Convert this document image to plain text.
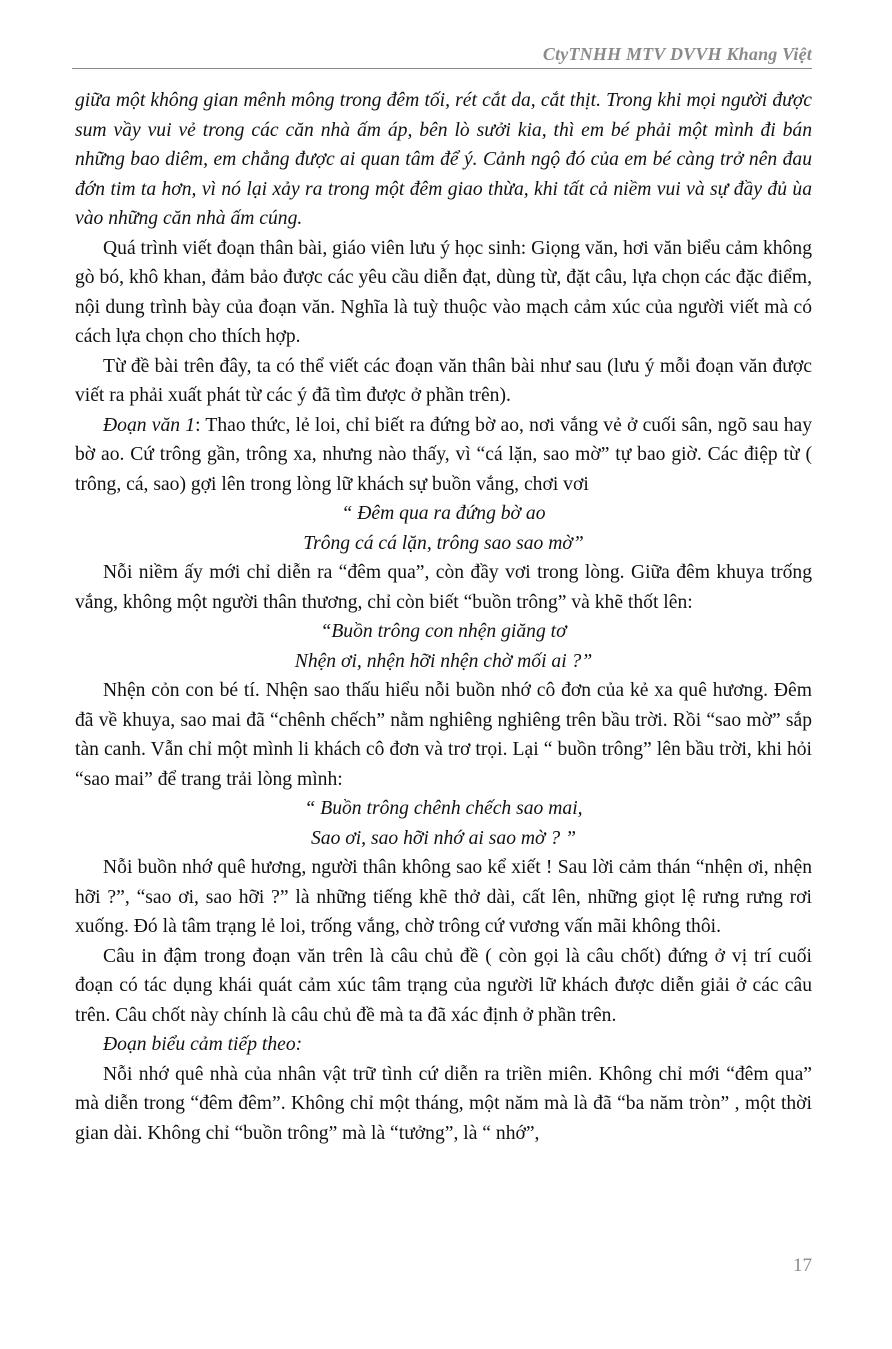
CtyTNHH MTV DVVH Khang Việt

giữa một không gian mênh mông trong đêm tối, rét cắt da, cắt thịt. Trong khi mọi người được sum vầy vui vẻ trong các căn nhà ấm áp, bên lò sưởi kia, thì em bé phải một mình đi bán những bao diêm, em chẳng được ai quan tâm để ý. Cảnh ngộ đó của em bé càng trở nên đau đớn tim ta hơn, vì nó lại xảy ra trong một đêm giao thừa, khi tất cả niềm vui và sự đầy đủ ùa vào những căn nhà ấm cúng.

Quá trình viết đoạn thân bài, giáo viên lưu ý học sinh: Giọng văn, hơi văn biểu cảm không gò bó, khô khan, đảm bảo được các yêu cầu diễn đạt, dùng từ, đặt câu, lựa chọn các đặc điểm, nội dung trình bày của đoạn văn. Nghĩa là tuỳ thuộc vào mạch cảm xúc của người viết mà có cách lựa chọn cho thích hợp.

Từ đề bài trên đây, ta có thể viết các đoạn văn thân bài như sau (lưu ý mỗi đoạn văn được viết ra phải xuất phát từ các ý đã tìm được ở phần trên).

Đoạn văn 1: Thao thức, lẻ loi, chỉ biết ra đứng bờ ao, nơi vắng vẻ ở cuối sân, ngõ sau hay bờ ao. Cứ trông gần, trông xa, nhưng nào thấy, vì “cá lặn, sao mờ” tự bao giờ. Các điệp từ ( trông, cá, sao) gợi lên trong lòng lữ khách sự buồn vắng, chơi vơi

“ Đêm qua ra đứng bờ ao

Trông cá cá lặn, trông sao sao mờ”

Nỗi niềm ấy mới chỉ diễn ra “đêm qua”, còn đầy vơi trong lòng. Giữa đêm khuya trống vắng, không một người thân thương, chỉ còn biết “buồn trông” và khẽ thốt lên:

“Buồn trông con nhện giăng tơ

Nhện ơi, nhện hỡi nhện chờ mối ai ?”

Nhện cỏn con bé tí. Nhện sao thấu hiểu nỗi buồn nhớ cô đơn của kẻ xa quê hương. Đêm đã về khuya, sao mai đã “chênh chếch” nằm nghiêng nghiêng trên bầu trời. Rồi “sao mờ” sắp tàn canh. Vẫn chỉ một mình li khách cô đơn và trơ trọi. Lại “ buồn trông” lên bầu trời, khi hỏi “sao mai” để trang trải lòng mình:

“ Buồn trông chênh chếch sao mai,

Sao ơi, sao hỡi nhớ ai sao mờ ? ”

Nỗi buồn nhớ quê hương, người thân không sao kể xiết ! Sau lời cảm thán “nhện ơi, nhện hỡi ?”, “sao ơi, sao hỡi ?” là những tiếng khẽ thở dài, cất lên, những giọt lệ rưng rưng rơi xuống. Đó là tâm trạng lẻ loi, trống vắng, chờ trông cứ vương vấn mãi không thôi.

Câu in đậm trong đoạn văn trên là câu chủ đề ( còn gọi là câu chốt) đứng ở vị trí cuối đoạn có tác dụng khái quát cảm xúc tâm trạng của người lữ khách được diễn giải ở các câu trên. Câu chốt này chính là câu chủ đề mà ta đã xác định ở phần trên.

Đoạn biểu cảm tiếp theo:

Nỗi nhớ quê nhà của nhân vật trữ tình cứ diễn ra triền miên. Không chỉ mới “đêm qua” mà diễn trong “đêm đêm”. Không chỉ một tháng, một năm mà là đã “ba năm tròn” , một thời gian dài. Không chỉ “buồn trông” mà là “tưởng”, là “ nhớ”,

17
